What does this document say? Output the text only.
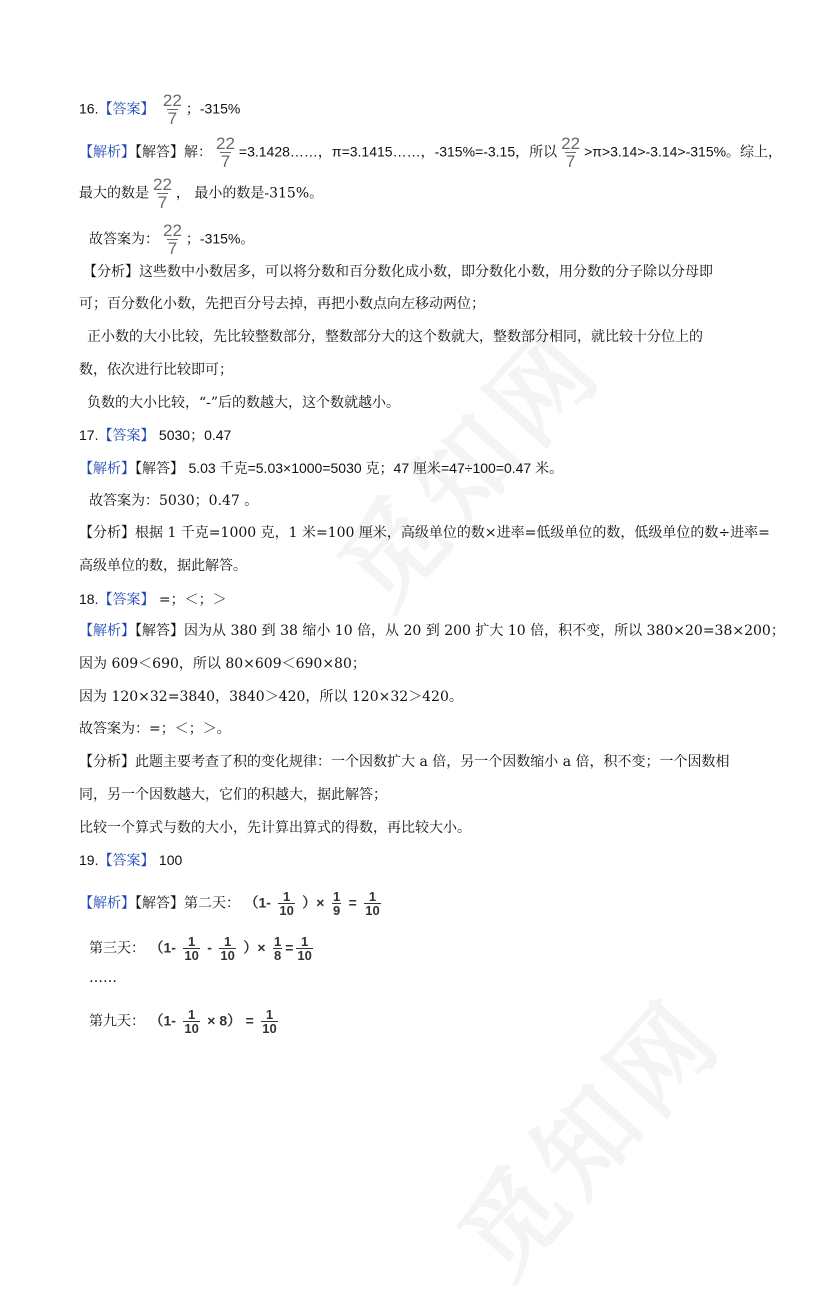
16.【答案】 $\frac{22}{7}$ ；-315%
【解析】【解答】解： $\frac{22}{7}$ =3.1428……，π=3.1415……，-315%=-3.15，所以 $\frac{22}{7} >\pi>3.14>-3.14>-315\%$。综上，
最大的数是 $\frac{22}{7}$ ， 最小的数是-315%。
故答案为： $\frac{22}{7}$ ；-315%。
【分析】这些数中小数居多，可以将分数和百分数化成小数，即分数化小数，用分数的分子除以分母即
可；百分数化小数，先把百分号去掉，再把小数点向左移动两位；
正小数的大小比较，先比较整数部分，整数部分大的这个数就大，整数部分相同，就比较十分位上的
数，依次进行比较即可；
负数的大小比较，“-”后的数越大，这个数就越小。
17.【答案】 5030；0.47
【解析】【解答】 5.03 千克=5.03×1000=5030 克；47 厘米=47÷100=0.47 米。
故答案为：5030；0.47 。
【分析】根据 1 千克=1000 克，1 米=100 厘米，高级单位的数×进率=低级单位的数，低级单位的数÷进率=
高级单位的数，据此解答。
18.【答案】 =；＜；＞
【解析】【解答】因为从 380 到 38 缩小 10 倍，从 20 到 200 扩大 10 倍，积不变，所以 380×20=38×200；
因为 609＜690，所以 80×609＜690×80；
因为 120×32=3840，3840＞420，所以 120×32＞420。
故答案为：=；＜；＞。
【分析】此题主要考查了积的变化规律：一个因数扩大 a 倍，另一个因数缩小 a 倍，积不变；一个因数相
同，另一个因数越大，它们的积越大，据此解答；
比较一个算式与数的大小，先计算出算式的得数，再比较大小。
19.【答案】 100
【解析】【解答】第二天： （$1- \frac{1}{10}$ ）× $\frac{1}{9} = \frac{1}{10}$
第三天： （$1- \frac{1}{10} - \frac{1}{10}$ ）× $\frac{1}{8} = \frac{1}{10}$
……
第九天： $(1- \frac{1}{10} \times 8) = \frac{1}{10}$
